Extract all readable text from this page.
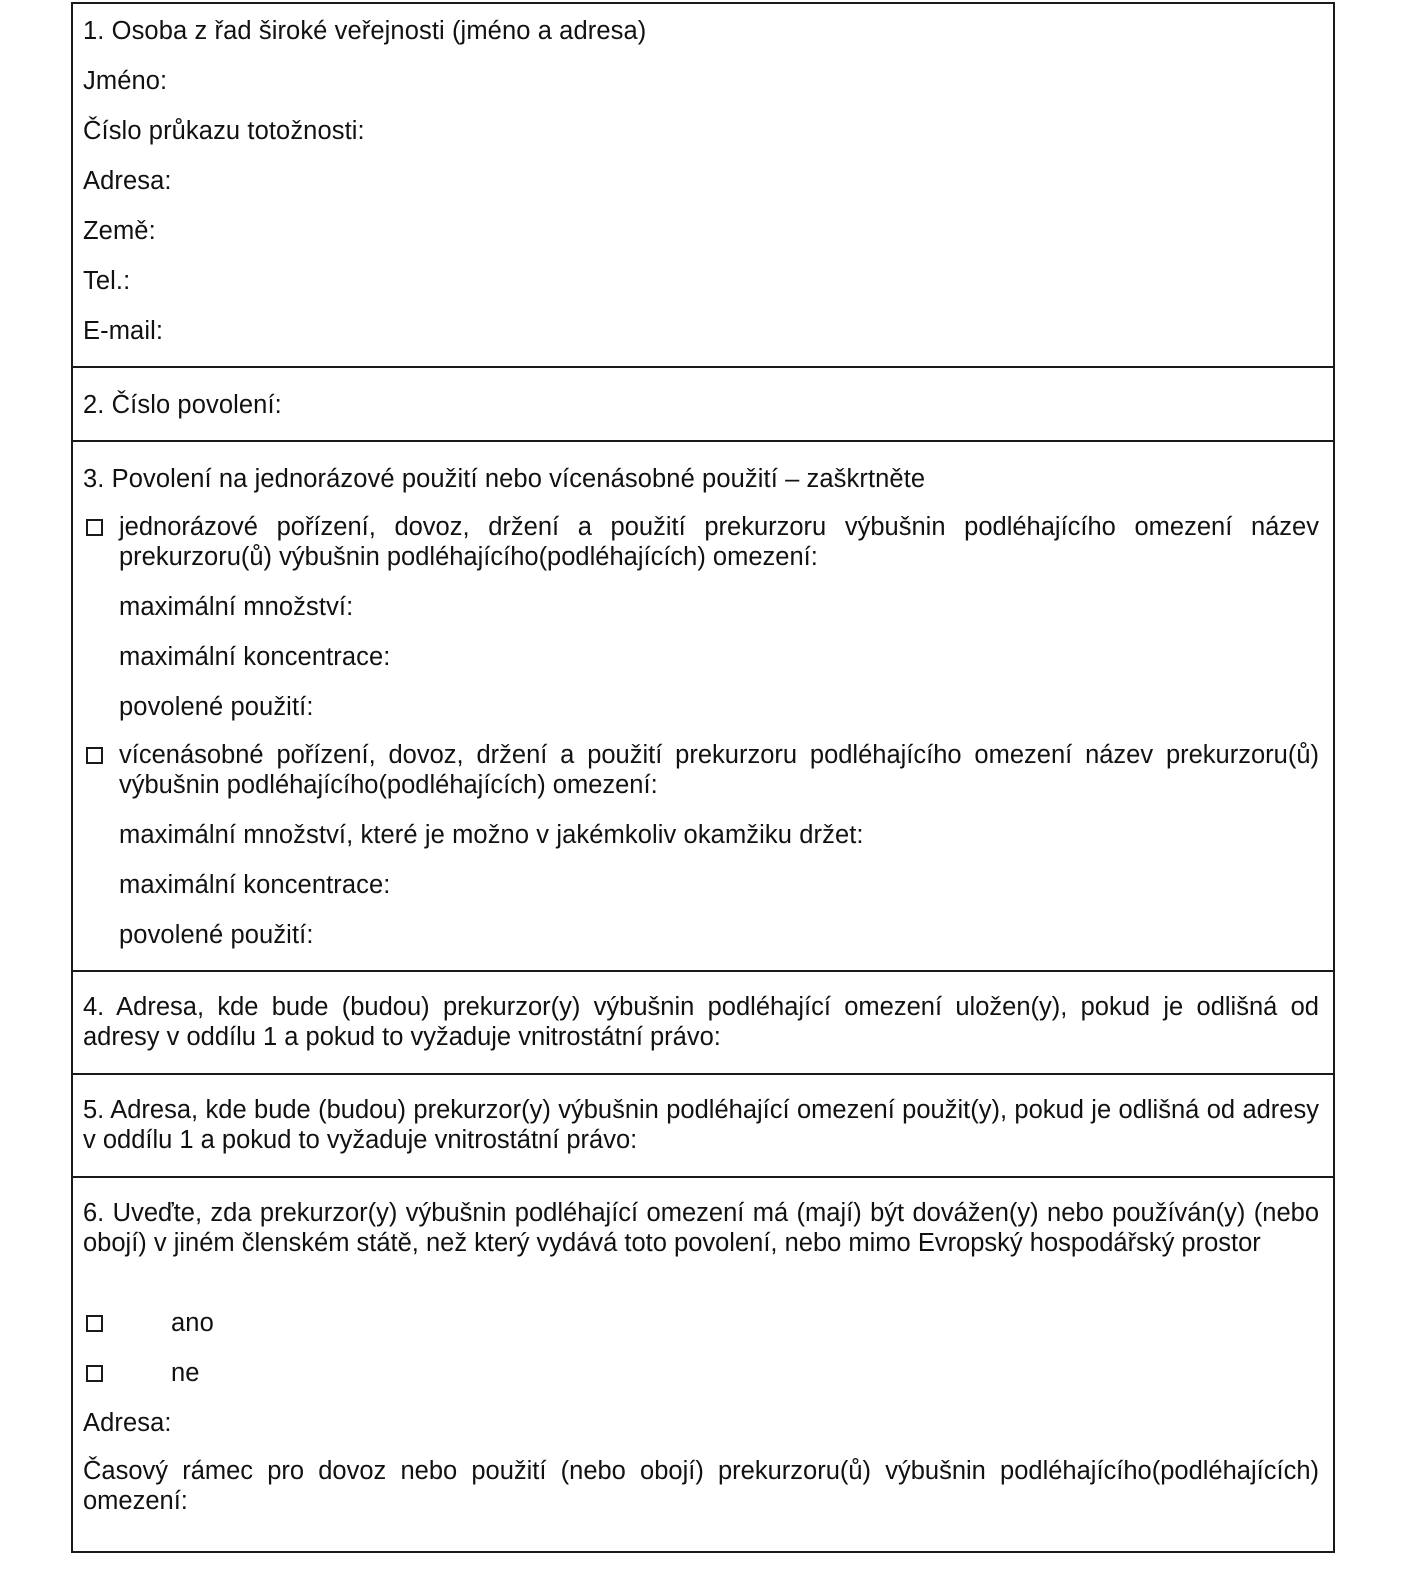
1. Osoba z řad široké veřejnosti (jméno a adresa)
Jméno:
Číslo průkazu totožnosti:
Adresa:
Země:
Tel.:
E-mail:
2. Číslo povolení:
3. Povolení na jednorázové použití nebo vícenásobné použití – zaškrtněte
jednorázové pořízení, dovoz, držení a použití prekurzoru výbušnin podléhajícího omezení název prekurzoru(ů) výbušnin podléhajícího(podléhajících) omezení:
maximální množství:
maximální koncentrace:
povolené použití:
vícenásobné pořízení, dovoz, držení a použití prekurzoru podléhajícího omezení název prekurzoru(ů) výbušnin podléhajícího(podléhajících) omezení:
maximální množství, které je možno v jakémkoliv okamžiku držet:
maximální koncentrace:
povolené použití:
4. Adresa, kde bude (budou) prekurzor(y) výbušnin podléhající omezení uložen(y), pokud je odlišná od adresy v oddílu 1 a pokud to vyžaduje vnitrostátní právo:
5. Adresa, kde bude (budou) prekurzor(y) výbušnin podléhající omezení použit(y), pokud je odlišná od adresy v oddílu 1 a pokud to vyžaduje vnitrostátní právo:
6. Uveďte, zda prekurzor(y) výbušnin podléhající omezení má (mají) být dovážen(y) nebo používán(y) (nebo obojí) v jiném členském státě, než který vydává toto povolení, nebo mimo Evropský hospodářský prostor
ano
ne
Adresa:
Časový rámec pro dovoz nebo použití (nebo obojí) prekurzoru(ů) výbušnin podléhajícího(podléhajících) omezení:
